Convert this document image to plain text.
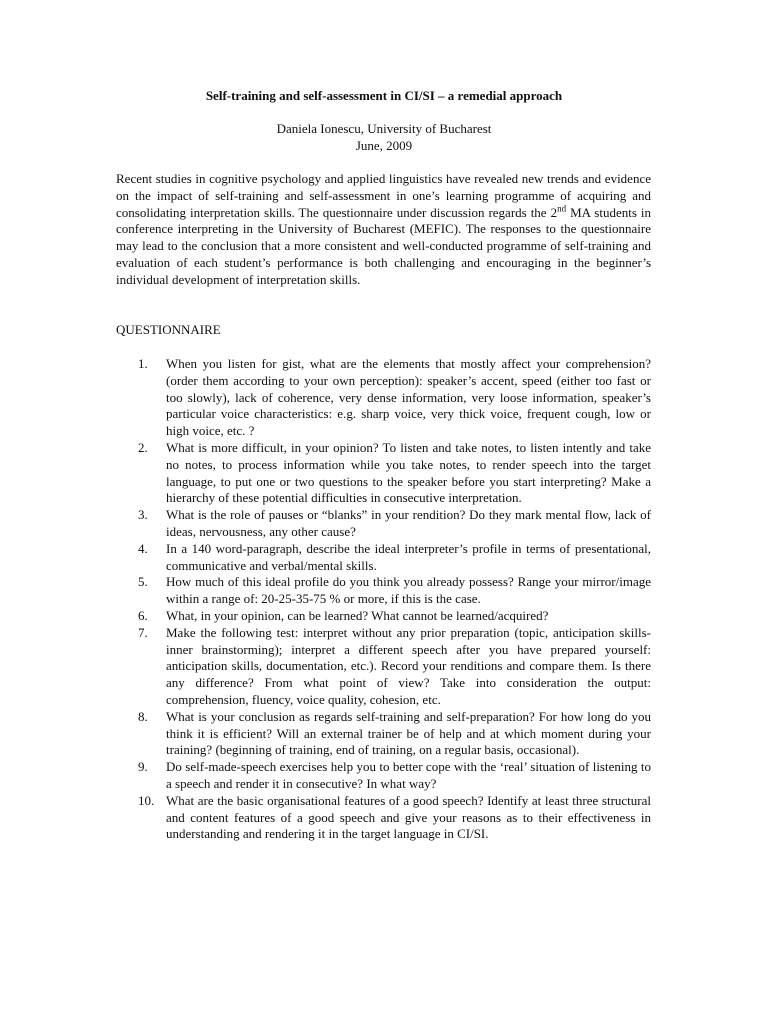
Self-training and self-assessment in CI/SI – a remedial approach
Daniela Ionescu, University of Bucharest
June, 2009

Recent studies in cognitive psychology and applied linguistics have revealed new trends and evidence on the impact of self-training and self-assessment in one’s learning programme of acquiring and consolidating interpretation skills. The questionnaire under discussion regards the 2nd MA students in conference interpreting in the University of Bucharest (MEFIC). The responses to the questionnaire may lead to the conclusion that a more consistent and well-conducted programme of self-training and evaluation of each student’s performance is both challenging and encouraging in the beginner’s individual development of interpretation skills.

QUESTIONNAIRE
1. When you listen for gist, what are the elements that mostly affect your comprehension? (order them according to your own perception): speaker’s accent, speed (either too fast or too slowly), lack of coherence, very dense information, very loose information, speaker’s particular voice characteristics: e.g. sharp voice, very thick voice, frequent cough, low or high voice, etc. ?
2. What is more difficult, in your opinion? To listen and take notes, to listen intently and take no notes, to process information while you take notes, to render speech into the target language, to put one or two questions to the speaker before you start interpreting? Make a hierarchy of these potential difficulties in consecutive interpretation.
3. What is the role of pauses or “blanks” in your rendition? Do they mark mental flow, lack of ideas, nervousness, any other cause?
4. In a 140 word-paragraph, describe the ideal interpreter’s profile in terms of presentational, communicative and verbal/mental skills.
5. How much of this ideal profile do you think you already possess? Range your mirror/image within a range of: 20-25-35-75 % or more, if this is the case.
6. What, in your opinion, can be learned? What cannot be learned/acquired?
7. Make the following test: interpret without any prior preparation (topic, anticipation skills- inner brainstorming); interpret a different speech after you have prepared yourself: anticipation skills, documentation, etc.). Record your renditions and compare them. Is there any difference? From what point of view? Take into consideration the output: comprehension, fluency, voice quality, cohesion, etc.
8. What is your conclusion as regards self-training and self-preparation? For how long do you think it is efficient? Will an external trainer be of help and at which moment during your training? (beginning of training, end of training, on a regular basis, occasional).
9. Do self-made-speech exercises help you to better cope with the ‘real’ situation of listening to a speech and render it in consecutive? In what way?
10. What are the basic organisational features of a good speech? Identify at least three structural and content features of a good speech and give your reasons as to their effectiveness in understanding and rendering it in the target language in CI/SI.
